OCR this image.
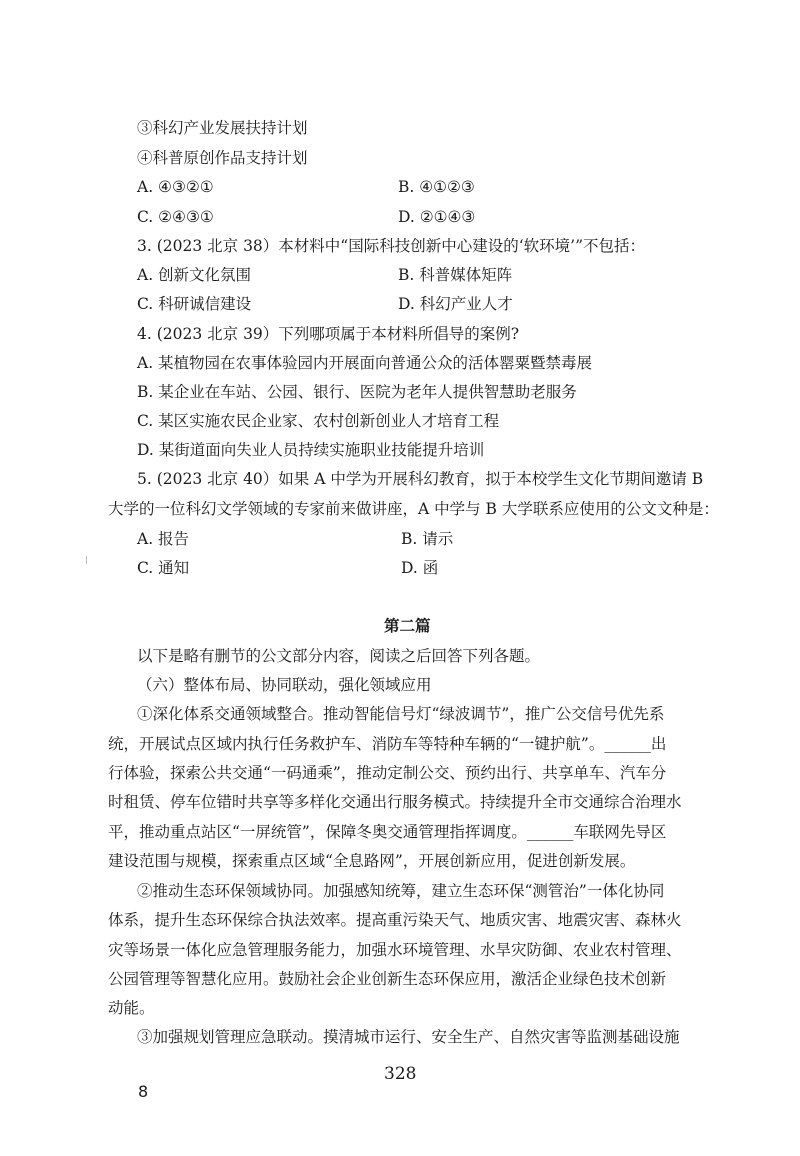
③科幻产业发展扶持计划
④科普原创作品支持计划
A. ④③②①	B. ④①②③
C. ②④③①	D. ②①④③
3. (2023 北京 38）本材料中“国际科技创新中心建设的‘软环境’”不包括：
A. 创新文化氛围	B. 科普媒体矩阵
C. 科研诚信建设	D. 科幻产业人才
4. (2023 北京 39）下列哪项属于本材料所倡导的案例?
A. 某植物园在农事体验园内开展面向普通公众的活体罂粟暨禁毒展
B. 某企业在车站、公园、银行、医院为老年人提供智慧助老服务
C. 某区实施农民企业家、农村创新创业人才培育工程
D. 某街道面向失业人员持续实施职业技能提升培训
5. (2023 北京 40）如果 A 中学为开展科幻教育，拟于本校学生文化节期间邀请 B
大学的一位科幻文学领域的专家前来做讲座，A 中学与 B 大学联系应使用的公文文种是：
A. 报告	B. 请示
C. 通知	D. 函
第二篇
以下是略有删节的公文部分内容，阅读之后回答下列各题。
（六）整体布局、协同联动，强化领域应用
①深化体系交通领域整合。推动智能信号灯“绿波调节”，推广公交信号优先系
统，开展试点区域内执行任务救护车、消防车等特种车辆的“一键护航”。______出
行体验，探索公共交通“一码通乘”，推动定制公交、预约出行、共享单车、汽车分
时租赁、停车位错时共享等多样化交通出行服务模式。持续提升全市交通综合治理水
平，推动重点站区“一屏统管”，保障冬奥交通管理指挥调度。______车联网先导区
建设范围与规模，探索重点区域“全息路网”，开展创新应用，促进创新发展。
②推动生态环保领域协同。加强感知统筹，建立生态环保“测管治”一体化协同
体系，提升生态环保综合执法效率。提高重污染天气、地质灾害、地震灾害、森林火
灾等场景一体化应急管理服务能力，加强水环境管理、水旱灾防御、农业农村管理、
公园管理等智慧化应用。鼓励社会企业创新生态环保应用，激活企业绿色技术创新
动能。
③加强规划管理应急联动。摸清城市运行、安全生产、自然灾害等监测基础设施
328
8
